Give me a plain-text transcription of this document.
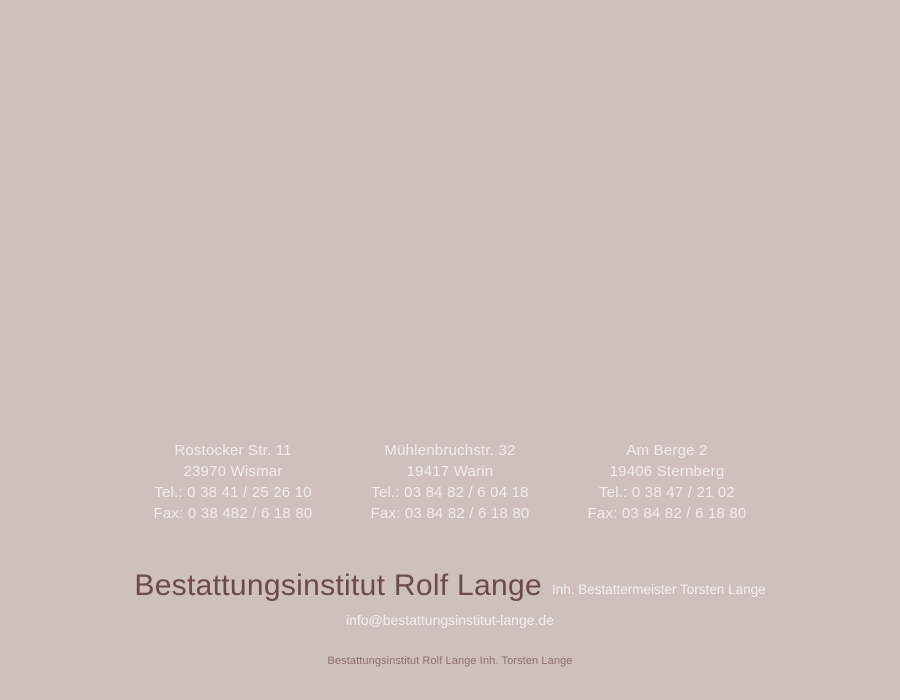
Rostocker Str. 11
23970 Wismar
Tel.: 0 38 41 / 25 26 10
Fax: 0 38 482 / 6 18 80
Mühlenbruchstr. 32
19417 Warin
Tel.: 03 84 82 / 6 04 18
Fax: 03 84 82 / 6 18 80
Am Berge 2
19406 Sternberg
Tel.: 0 38 47 / 21 02
Fax: 03 84 82 / 6 18 80
Bestattungsinstitut Rolf Lange Inh. Bestattermeister Torsten Lange
info@bestattungsinstitut-lange.de
Bestattungsinstitut Rolf Lange Inh. Torsten Lange
